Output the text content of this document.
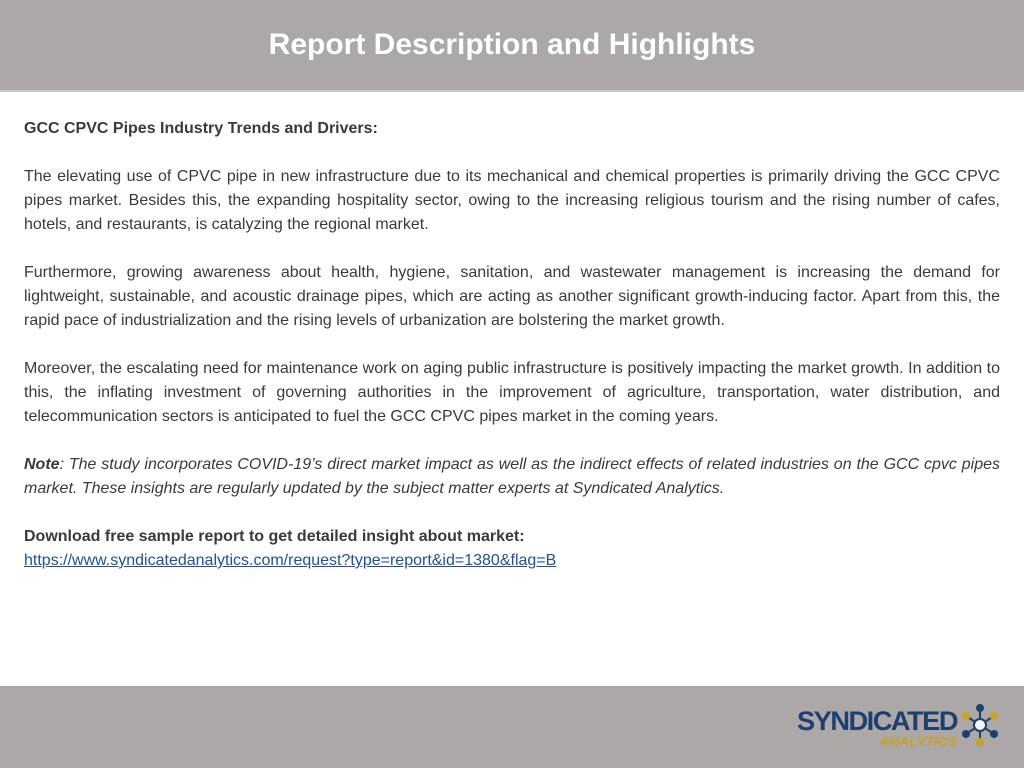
Report Description and Highlights

GCC CPVC Pipes Industry Trends and Drivers:

The elevating use of CPVC pipe in new infrastructure due to its mechanical and chemical properties is primarily driving the GCC CPVC pipes market. Besides this, the expanding hospitality sector, owing to the increasing religious tourism and the rising number of cafes, hotels, and restaurants, is catalyzing the regional market.

Furthermore, growing awareness about health, hygiene, sanitation, and wastewater management is increasing the demand for lightweight, sustainable, and acoustic drainage pipes, which are acting as another significant growth-inducing factor. Apart from this, the rapid pace of industrialization and the rising levels of urbanization are bolstering the market growth.

Moreover, the escalating need for maintenance work on aging public infrastructure is positively impacting the market growth. In addition to this, the inflating investment of governing authorities in the improvement of agriculture, transportation, water distribution, and telecommunication sectors is anticipated to fuel the GCC CPVC pipes market in the coming years.

Note: The study incorporates COVID-19’s direct market impact as well as the indirect effects of related industries on the GCC cpvc pipes market. These insights are regularly updated by the subject matter experts at Syndicated Analytics.

Download free sample report to get detailed insight about market:
https://www.syndicatedanalytics.com/request?type=report&id=1380&flag=B

SYNDICATED
ANALYTICS
